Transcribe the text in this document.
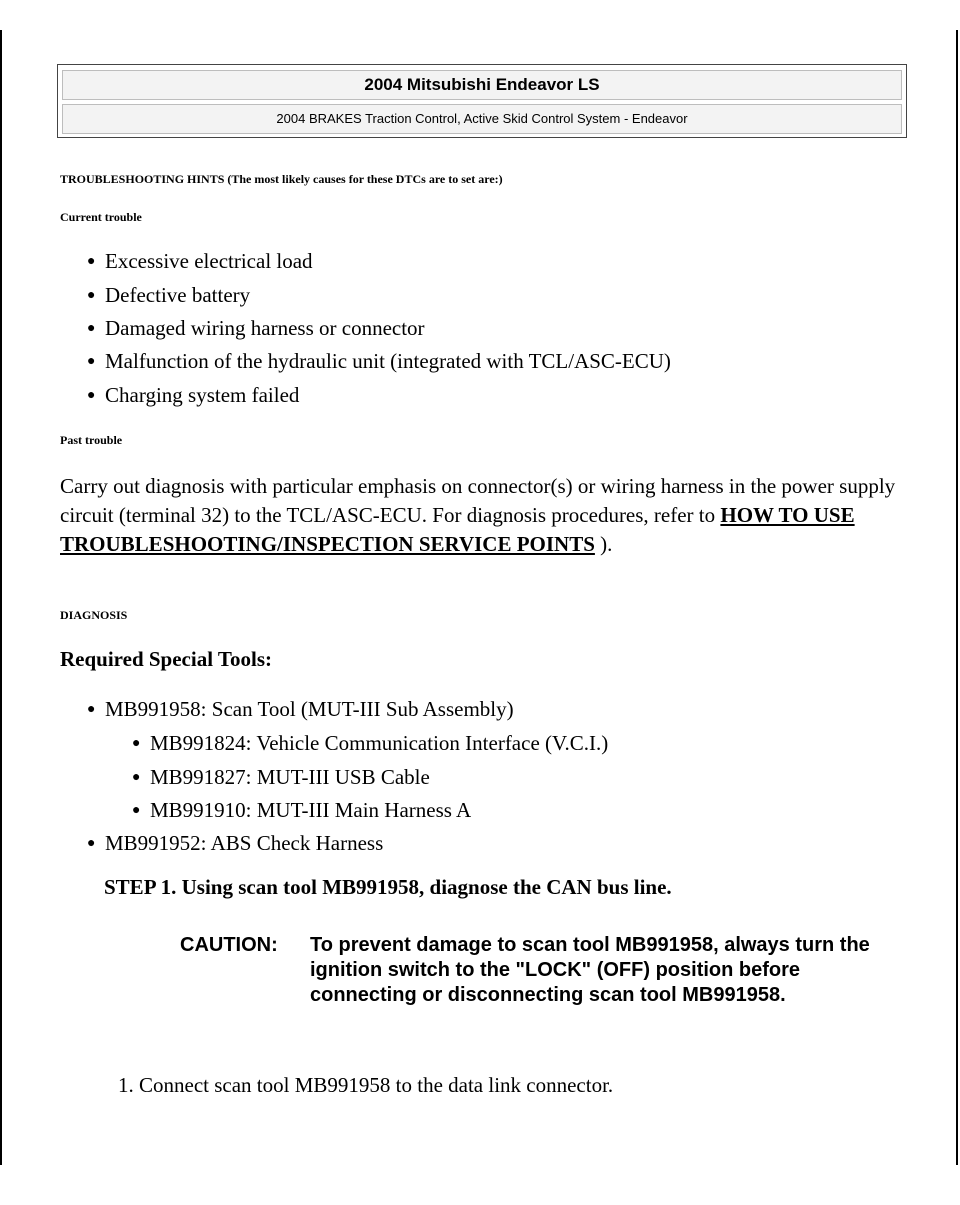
2004 Mitsubishi Endeavor LS
2004 BRAKES Traction Control, Active Skid Control System - Endeavor
TROUBLESHOOTING HINTS (The most likely causes for these DTCs are to set are:)
Current trouble
● Excessive electrical load
● Defective battery
● Damaged wiring harness or connector
● Malfunction of the hydraulic unit (integrated with TCL/ASC-ECU)
● Charging system failed
Past trouble
Carry out diagnosis with particular emphasis on connector(s) or wiring harness in the power supply circuit (terminal 32) to the TCL/ASC-ECU. For diagnosis procedures, refer to HOW TO USE TROUBLESHOOTING/INSPECTION SERVICE POINTS ).
DIAGNOSIS
Required Special Tools:
● MB991958: Scan Tool (MUT-III Sub Assembly)
● MB991824: Vehicle Communication Interface (V.C.I.)
● MB991827: MUT-III USB Cable
● MB991910: MUT-III Main Harness A
● MB991952: ABS Check Harness
STEP 1. Using scan tool MB991958, diagnose the CAN bus line.
CAUTION: To prevent damage to scan tool MB991958, always turn the ignition switch to the "LOCK" (OFF) position before connecting or disconnecting scan tool MB991958.
1. Connect scan tool MB991958 to the data link connector.
